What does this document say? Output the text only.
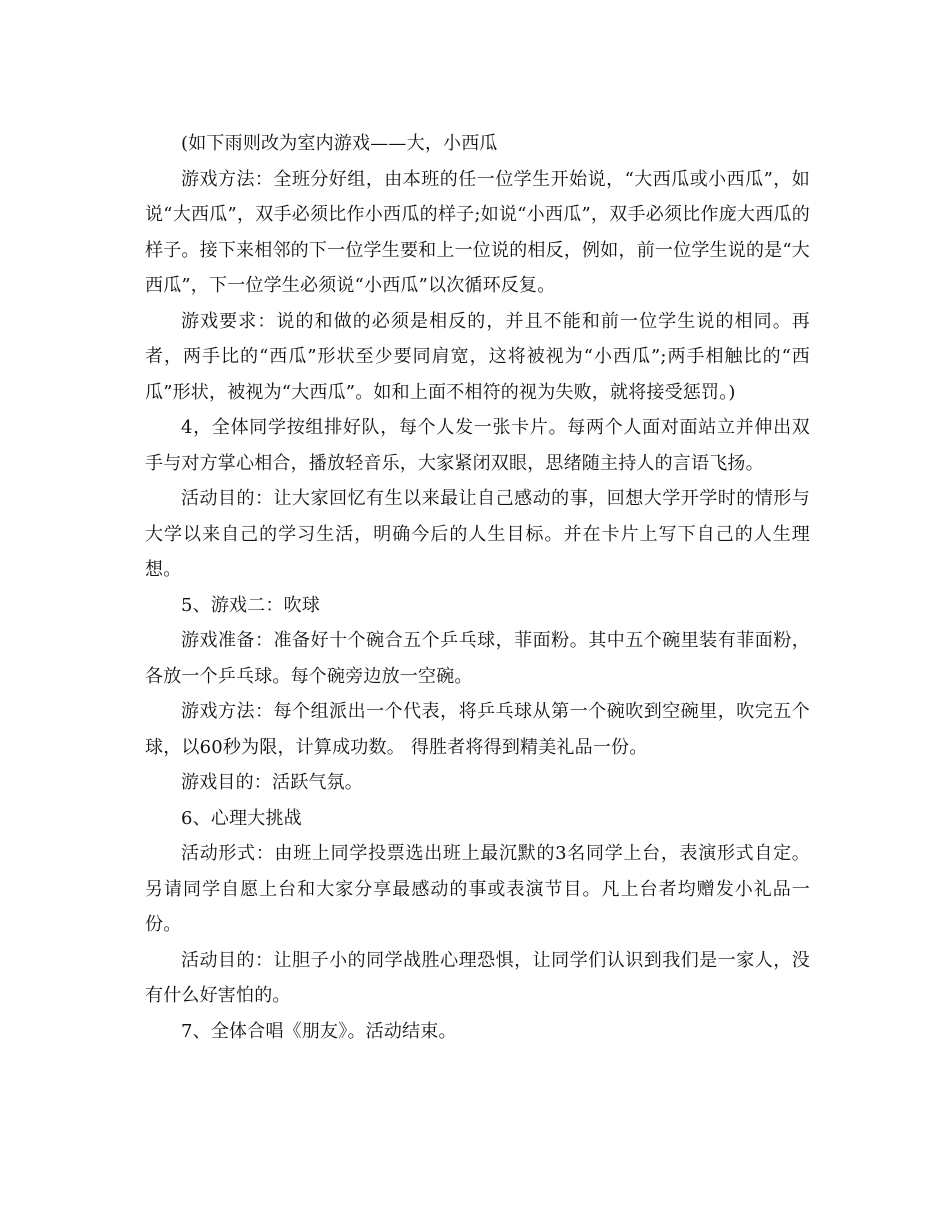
(如下雨则改为室内游戏——大，小西瓜

游戏方法：全班分好组，由本班的任一位学生开始说，“大西瓜或小西瓜”，如说“大西瓜”，双手必须比作小西瓜的样子;如说“小西瓜”，双手必须比作庞大西瓜的样子。接下来相邻的下一位学生要和上一位说的相反，例如，前一位学生说的是“大西瓜”，下一位学生必须说“小西瓜”以次循环反复。

游戏要求：说的和做的必须是相反的，并且不能和前一位学生说的相同。再者，两手比的“西瓜”形状至少要同肩宽，这将被视为“小西瓜”;两手相触比的“西瓜”形状，被视为“大西瓜”。如和上面不相符的视为失败，就将接受惩罚。)

4，全体同学按组排好队，每个人发一张卡片。每两个人面对面站立并伸出双手与对方掌心相合，播放轻音乐，大家紧闭双眼，思绪随主持人的言语飞扬。

活动目的：让大家回忆有生以来最让自己感动的事，回想大学开学时的情形与大学以来自己的学习生活，明确今后的人生目标。并在卡片上写下自己的人生理想。

5、游戏二：吹球

游戏准备：准备好十个碗合五个乒乓球，菲面粉。其中五个碗里装有菲面粉，各放一个乒乓球。每个碗旁边放一空碗。

游戏方法：每个组派出一个代表，将乒乓球从第一个碗吹到空碗里，吹完五个球，以60秒为限，计算成功数。 得胜者将得到精美礼品一份。

游戏目的：活跃气氛。

6、心理大挑战

活动形式：由班上同学投票选出班上最沉默的3名同学上台，表演形式自定。另请同学自愿上台和大家分享最感动的事或表演节目。凡上台者均赠发小礼品一份。

活动目的：让胆子小的同学战胜心理恐惧，让同学们认识到我们是一家人，没有什么好害怕的。

7、全体合唱《朋友》。活动结束。
